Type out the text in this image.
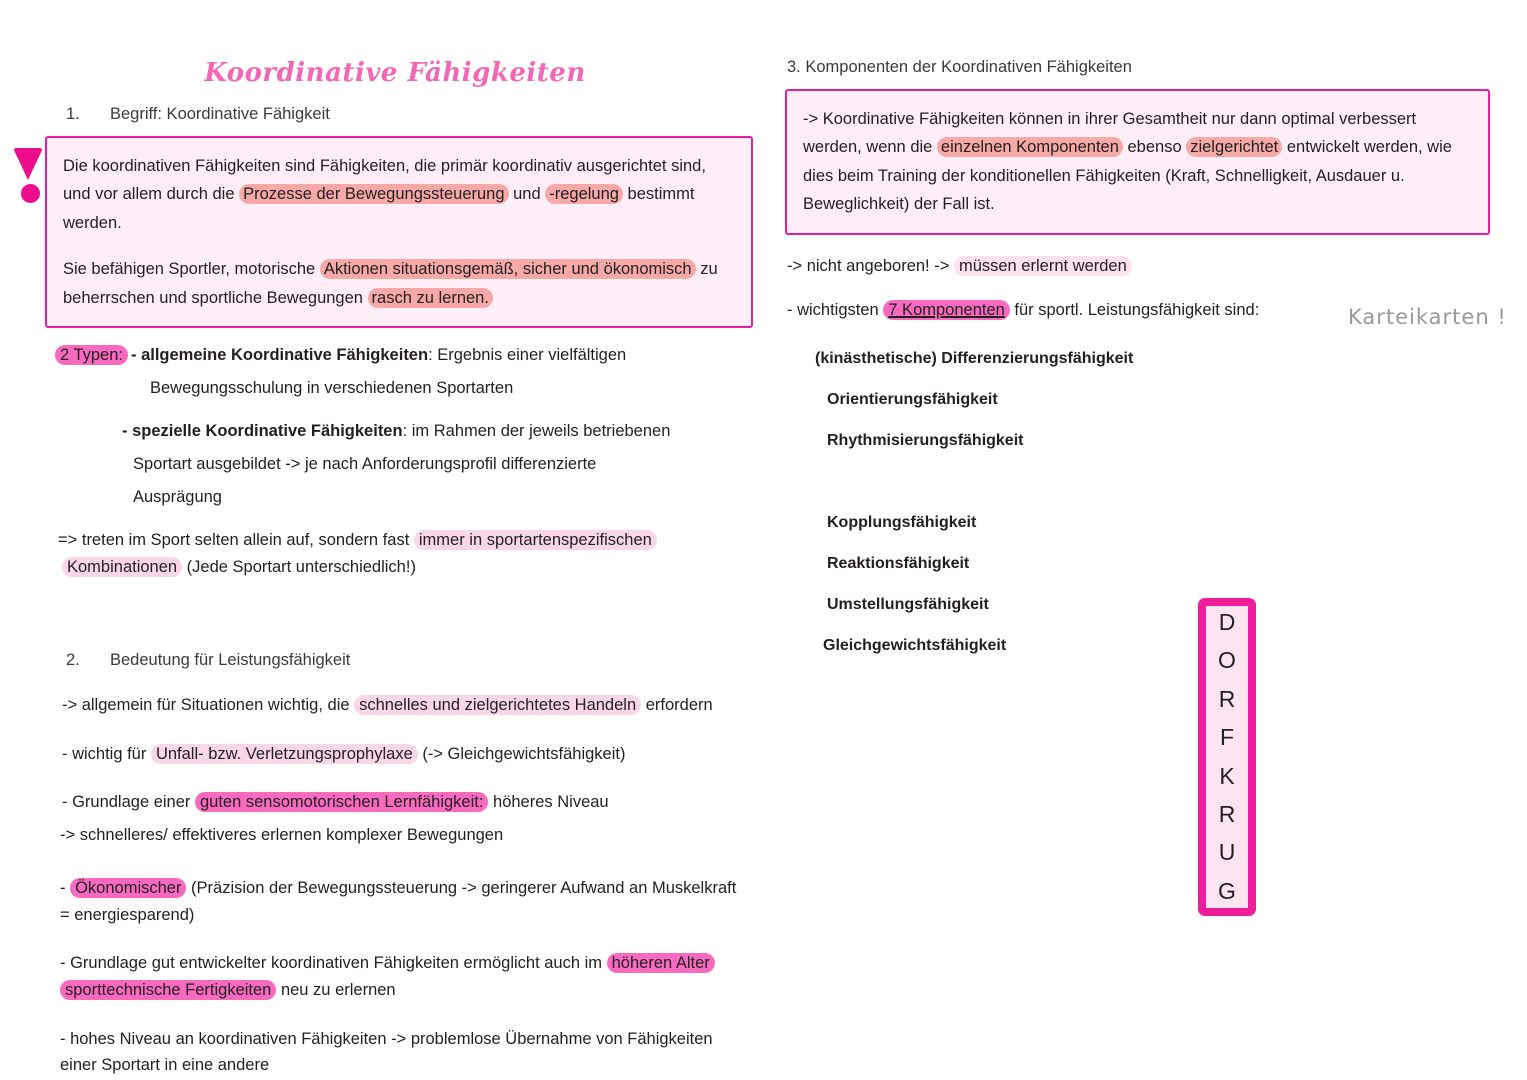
Koordinative Fähigkeiten
1.	Begriff: Koordinative Fähigkeit

Die koordinativen Fähigkeiten sind Fähigkeiten, die primär koordinativ ausgerichtet sind, und vor allem durch die Prozesse der Bewegungssteuerung und -regelung bestimmt werden.

Sie befähigen Sportler, motorische Aktionen situationsgemäß, sicher und ökonomisch zu beherrschen und sportliche Bewegungen rasch zu lernen.

2 Typen: - allgemeine Koordinative Fähigkeiten: Ergebnis einer vielfältigen
Bewegungsschulung in verschiedenen Sportarten
- spezielle Koordinative Fähigkeiten: im Rahmen der jeweils betriebenen
Sportart ausgebildet -> je nach Anforderungsprofil differenzierte
Ausprägung
=> treten im Sport selten allein auf, sondern fast immer in sportartenspezifischen Kombinationen (Jede Sportart unterschiedlich!)
2.	Bedeutung für Leistungsfähigkeit
-> allgemein für Situationen wichtig, die schnelles und zielgerichtetes Handeln erfordern
- wichtig für Unfall- bzw. Verletzungsprophylaxe (-> Gleichgewichtsfähigkeit)
- Grundlage einer guten sensomotorischen Lernfähigkeit: höheres Niveau
-> schnelleres/ effektiveres erlernen komplexer Bewegungen
- Ökonomischer (Präzision der Bewegungssteuerung -> geringerer Aufwand an Muskelkraft = energiesparend)
- Grundlage gut entwickelter koordinativen Fähigkeiten ermöglicht auch im höheren Alter sporttechnische Fertigkeiten neu zu erlernen
- hohes Niveau an koordinativen Fähigkeiten -> problemlose Übernahme von Fähigkeiten einer Sportart in eine andere
3. Komponenten der Koordinativen Fähigkeiten

-> Koordinative Fähigkeiten können in ihrer Gesamtheit nur dann optimal verbessert werden, wenn die einzelnen Komponenten ebenso zielgerichtet entwickelt werden, wie dies beim Training der konditionellen Fähigkeiten (Kraft, Schnelligkeit, Ausdauer u. Beweglichkeit) der Fall ist.

-> nicht angeboren! -> müssen erlernt werden
- wichtigsten 7 Komponenten für sportl. Leistungsfähigkeit sind:
(kinästhetische) Differenzierungsfähigkeit
Orientierungsfähigkeit
Rhythmisierungsfähigkeit
Kopplungsfähigkeit
Reaktionsfähigkeit
Umstellungsfähigkeit
Gleichgewichtsfähigkeit
D
O
R
F
K
R
U
G
Karteikarten !
